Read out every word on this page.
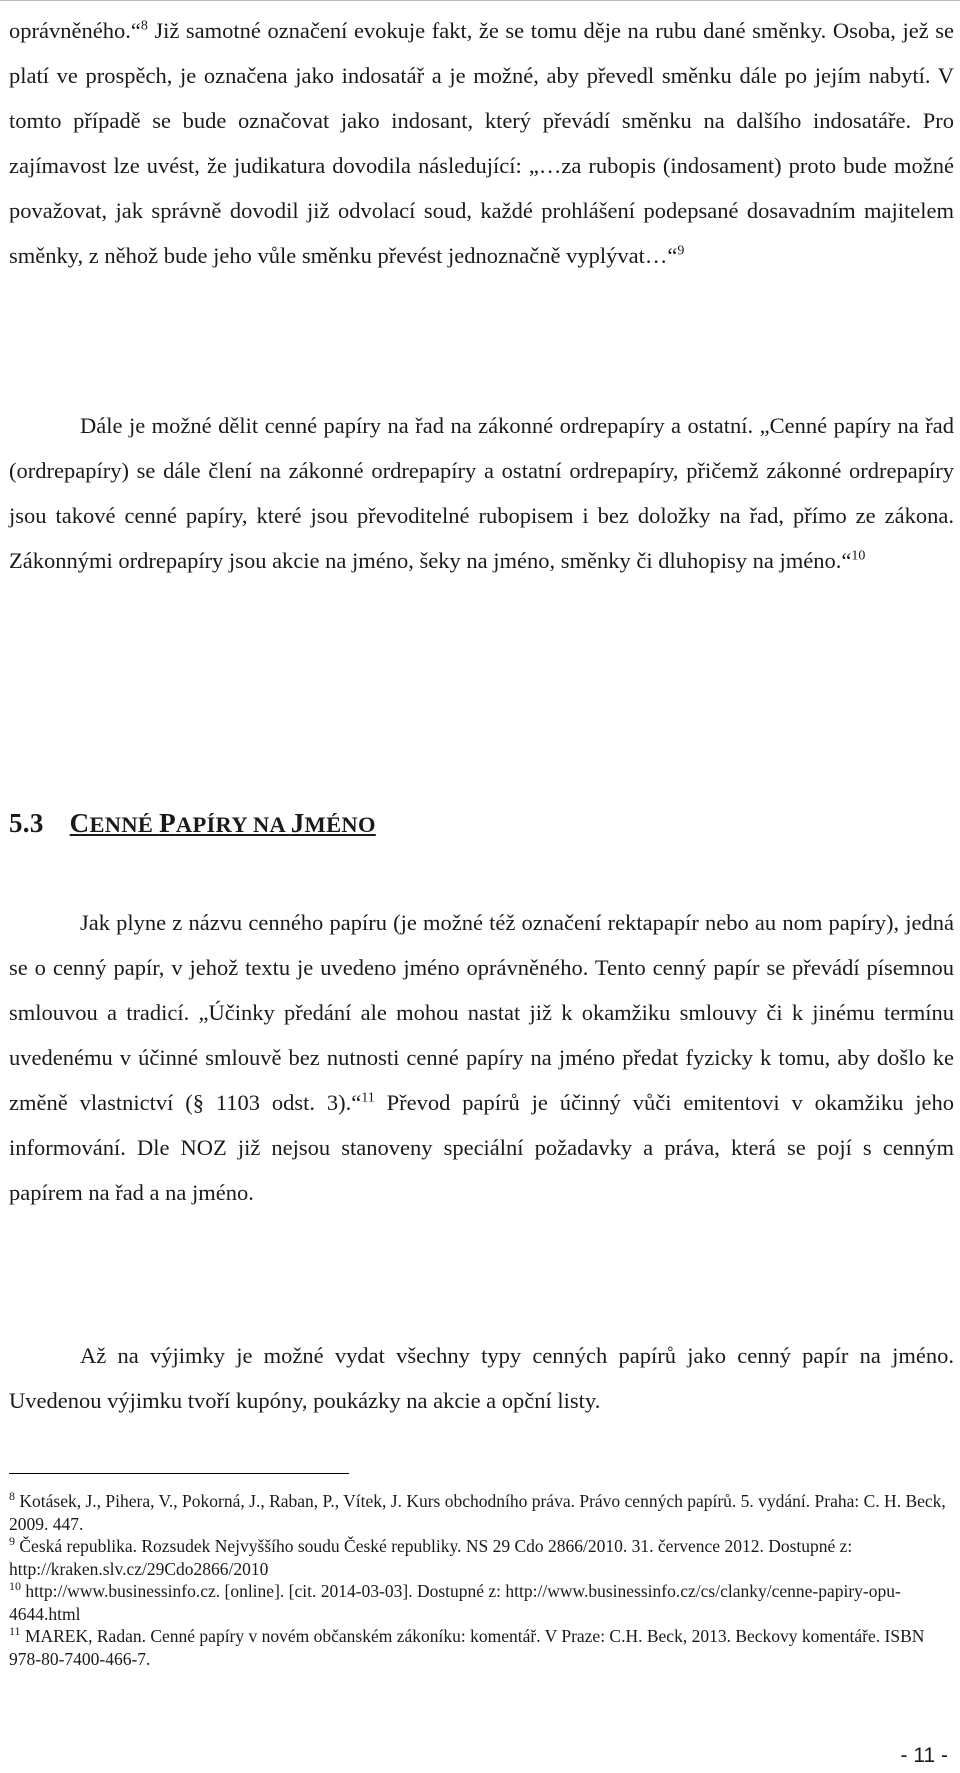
oprávněného.“$^8$ Již samotné označení evokuje fakt, že se tomu děje na rubu dané směnky. Osoba, jež se platí ve prospěch, je označena jako indosatář a je možné, aby převedl směnku dále po jejím nabytí. V tomto případě se bude označovat jako indosant, který převádí směnku na dalšího indosatáře. Pro zajímavost lze uvést, že judikatura dovodila následující: „…za rubopis (indosament) proto bude možné považovat, jak správně dovodil již odvolací soud, každé prohlášení podepsané dosavadním majitelem směnky, z něhož bude jeho vůle směnku převést jednoznačně vyplývat…“$^9$

Dále je možné dělit cenné papíry na řad na zákonné ordrepapíry a ostatní. „Cenné papíry na řad (ordrepapíry) se dále člení na zákonné ordrepapíry a ostatní ordrepapíry, přičemž zákonné ordrepapíry jsou takové cenné papíry, které jsou převoditelné rubopisem i bez doložky na řad, přímo ze zákona. Zákonnými ordrepapíry jsou akcie na jméno, šeky na jméno, směnky či dluhopisy na jméno.“$^{10}$

5.3 CENNÉ PAPÍRY NA JMÉNO

Jak plyne z názvu cenného papíru (je možné též označení rektapapír nebo au nom papíry), jedná se o cenný papír, v jehož textu je uvedeno jméno oprávněného. Tento cenný papír se převádí písemnou smlouvou a tradicí. „Účinky předání ale mohou nastat již k okamžiku smlouvy či k jinému termínu uvedenému v účinné smlouvě bez nutnosti cenné papíry na jméno předat fyzicky k tomu, aby došlo ke změně vlastnictví (§ 1103 odst. 3).“$^{11}$ Převod papírů je účinný vůči emitentovi v okamžiku jeho informování. Dle NOZ již nejsou stanoveny speciální požadavky a práva, která se pojí s cenným papírem na řad a na jméno.

Až na výjimky je možné vydat všechny typy cenných papírů jako cenný papír na jméno. Uvedenou výjimku tvoří kupóny, poukázky na akcie a opční listy.

$^8$ Kotásek, J., Pihera, V., Pokorná, J., Raban, P., Vítek, J. Kurs obchodního práva. Právo cenných papírů. 5. vydání. Praha: C. H. Beck, 2009. 447.

$^9$ Česká republika. Rozsudek Nejvyššího soudu České republiky. NS 29 Cdo 2866/2010. 31. července 2012. Dostupné z: http://kraken.slv.cz/29Cdo2866/2010

$^{10}$ http://www.businessinfo.cz. [online]. [cit. 2014-03-03]. Dostupné z: http://www.businessinfo.cz/cs/clanky/cenne-papiry-opu-4644.html

$^{11}$ MAREK, Radan. Cenné papíry v novém občanském zákoníku: komentář. V Praze: C.H. Beck, 2013. Beckovy komentáře. ISBN 978-80-7400-466-7.

- 11 -
